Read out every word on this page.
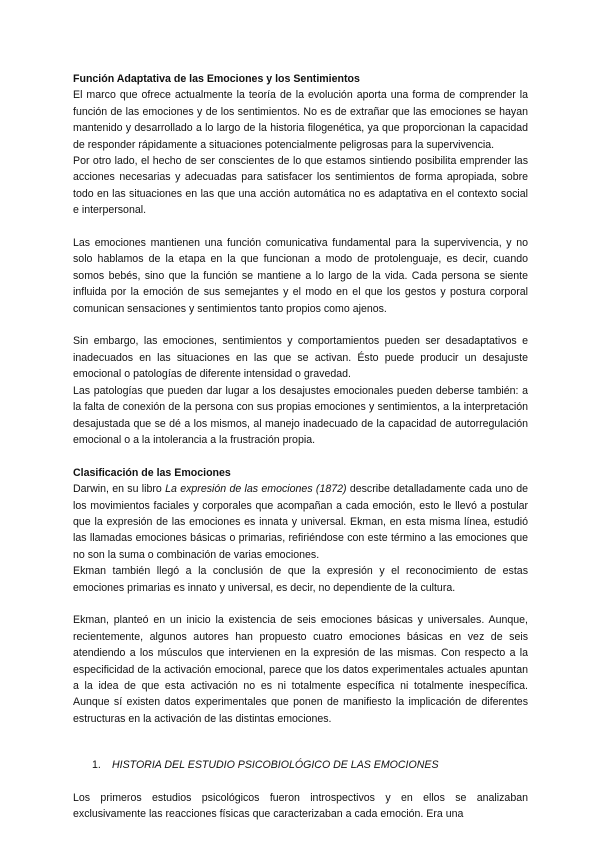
Función Adaptativa de las Emociones y los Sentimientos

El marco que ofrece actualmente la teoría de la evolución aporta una forma de comprender la función de las emociones y de los sentimientos. No es de extrañar que las emociones se hayan mantenido y desarrollado a lo largo de la historia filogenética, ya que proporcionan la capacidad de responder rápidamente a situaciones potencialmente peligrosas para la supervivencia.

Por otro lado, el hecho de ser conscientes de lo que estamos sintiendo posibilita emprender las acciones necesarias y adecuadas para satisfacer los sentimientos de forma apropiada, sobre todo en las situaciones en las que una acción automática no es adaptativa en el contexto social e interpersonal.

Las emociones mantienen una función comunicativa fundamental para la supervivencia, y no solo hablamos de la etapa en la que funcionan a modo de protolenguaje, es decir, cuando somos bebés, sino que la función se mantiene a lo largo de la vida. Cada persona se siente influida por la emoción de sus semejantes y el modo en el que los gestos y postura corporal comunican sensaciones y sentimientos tanto propios como ajenos.

Sin embargo, las emociones, sentimientos y comportamientos pueden ser desadaptativos e inadecuados en las situaciones en las que se activan. Ésto puede producir un desajuste emocional o patologías de diferente intensidad o gravedad.

Las patologías que pueden dar lugar a los desajustes emocionales pueden deberse también: a la falta de conexión de la persona con sus propias emociones y sentimientos, a la interpretación desajustada que se dé a los mismos, al manejo inadecuado de la capacidad de autorregulación emocional o a la intolerancia a la frustración propia.

Clasificación de las Emociones

Darwin, en su libro La expresión de las emociones (1872) describe detalladamente cada uno de los movimientos faciales y corporales que acompañan a cada emoción, esto le llevó a postular que la expresión de las emociones es innata y universal. Ekman, en esta misma línea, estudió las llamadas emociones básicas o primarias, refiriéndose con este término a las emociones que no son la suma o combinación de varias emociones.

Ekman también llegó a la conclusión de que la expresión y el reconocimiento de estas emociones primarias es innato y universal, es decir, no dependiente de la cultura.

Ekman, planteó en un inicio la existencia de seis emociones básicas y universales. Aunque, recientemente, algunos autores han propuesto cuatro emociones básicas en vez de seis atendiendo a los músculos que intervienen en la expresión de las mismas. Con respecto a la especificidad de la activación emocional, parece que los datos experimentales actuales apuntan a la idea de que esta activación no es ni totalmente específica ni totalmente inespecífica. Aunque sí existen datos experimentales que ponen de manifiesto la implicación de diferentes estructuras en la activación de las distintas emociones.

1. HISTORIA DEL ESTUDIO PSICOBIOLÓGICO DE LAS EMOCIONES

Los primeros estudios psicológicos fueron introspectivos y en ellos se analizaban exclusivamente las reacciones físicas que caracterizaban a cada emoción. Era una
